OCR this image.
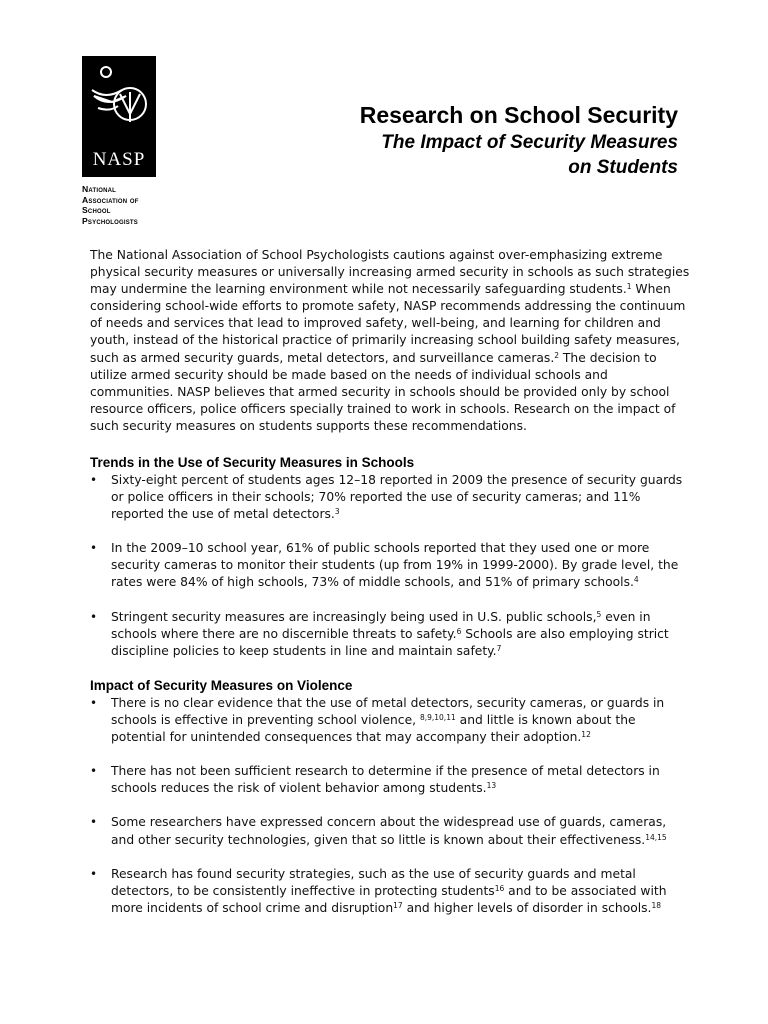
NASP
National
Association of
School
Psychologists
Research on School Security
The Impact of Security Measures
on Students
The National Association of School Psychologists cautions against over-emphasizing extreme physical security measures or universally increasing armed security in schools as such strategies may undermine the learning environment while not necessarily safeguarding students.$^1$ When considering school-wide efforts to promote safety, NASP recommends addressing the continuum of needs and services that lead to improved safety, well-being, and learning for children and youth, instead of the historical practice of primarily increasing school building safety measures, such as armed security guards, metal detectors, and surveillance cameras.$^2$ The decision to utilize armed security should be made based on the needs of individual schools and communities. NASP believes that armed security in schools should be provided only by school resource officers, police officers specially trained to work in schools. Research on the impact of such security measures on students supports these recommendations.
Trends in the Use of Security Measures in Schools
• Sixty-eight percent of students ages 12–18 reported in 2009 the presence of security guards or police officers in their schools; 70% reported the use of security cameras; and 11% reported the use of metal detectors.$^3$
• In the 2009–10 school year, 61% of public schools reported that they used one or more security cameras to monitor their students (up from 19% in 1999-2000). By grade level, the rates were 84% of high schools, 73% of middle schools, and 51% of primary schools.$^4$
• Stringent security measures are increasingly being used in U.S. public schools,$^5$ even in schools where there are no discernible threats to safety.$^6$ Schools are also employing strict discipline policies to keep students in line and maintain safety.$^7$
Impact of Security Measures on Violence
• There is no clear evidence that the use of metal detectors, security cameras, or guards in schools is effective in preventing school violence, $^{8,9,10,11}$ and little is known about the potential for unintended consequences that may accompany their adoption.$^{12}$
• There has not been sufficient research to determine if the presence of metal detectors in schools reduces the risk of violent behavior among students.$^{13}$
• Some researchers have expressed concern about the widespread use of guards, cameras, and other security technologies, given that so little is known about their effectiveness.$^{14,15}$
• Research has found security strategies, such as the use of security guards and metal detectors, to be consistently ineffective in protecting students$^{16}$ and to be associated with more incidents of school crime and disruption$^{17}$ and higher levels of disorder in schools.$^{18}$
